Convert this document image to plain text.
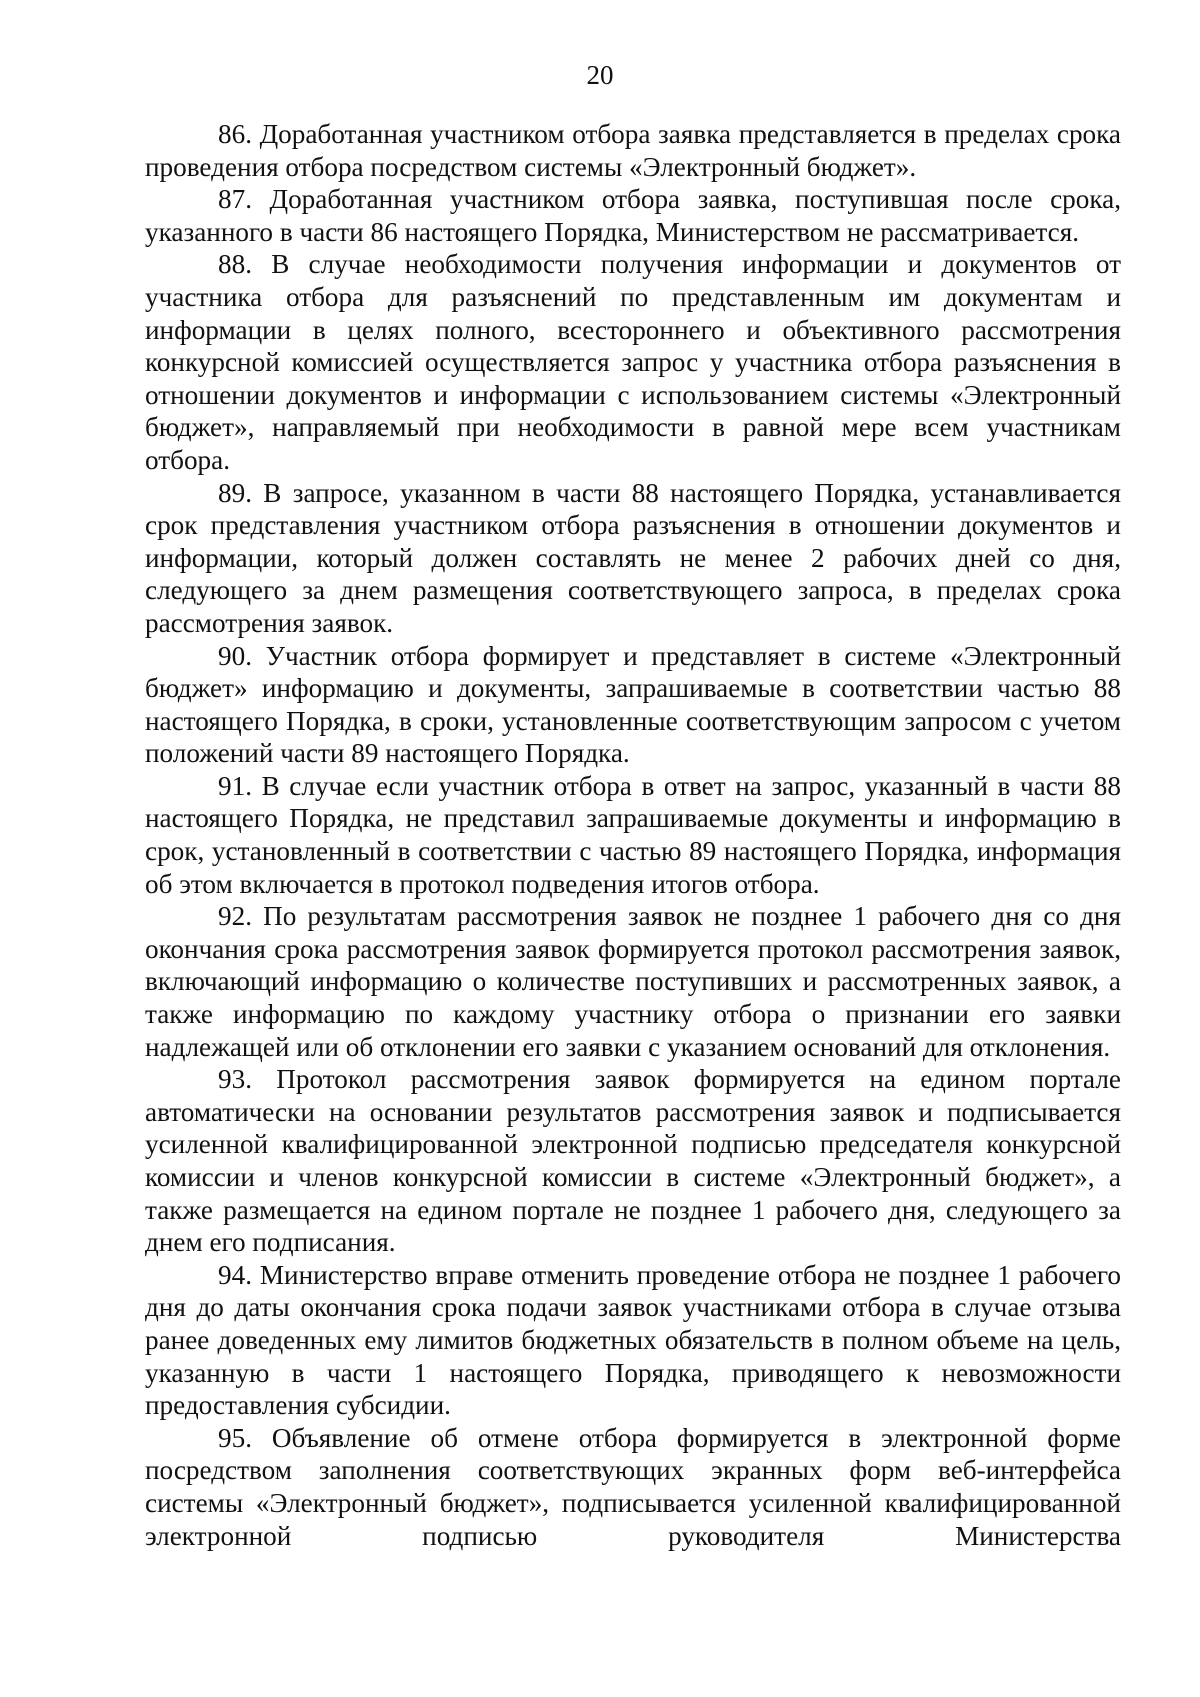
20

86. Доработанная участником отбора заявка представляется в пределах срока проведения отбора посредством системы «Электронный бюджет».

87. Доработанная участником отбора заявка, поступившая после срока, указанного в части 86 настоящего Порядка, Министерством не рассматривается.

88. В случае необходимости получения информации и документов от участника отбора для разъяснений по представленным им документам и информации в целях полного, всестороннего и объективного рассмотрения конкурсной комиссией осуществляется запрос у участника отбора разъяснения в отношении документов и информации с использованием системы «Электронный бюджет», направляемый при необходимости в равной мере всем участникам отбора.

89. В запросе, указанном в части 88 настоящего Порядка, устанавливается срок представления участником отбора разъяснения в отношении документов и информации, который должен составлять не менее 2 рабочих дней со дня, следующего за днем размещения соответствующего запроса, в пределах срока рассмотрения заявок.

90. Участник отбора формирует и представляет в системе «Электронный бюджет» информацию и документы, запрашиваемые в соответствии частью 88 настоящего Порядка, в сроки, установленные соответствующим запросом с учетом положений части 89 настоящего Порядка.

91. В случае если участник отбора в ответ на запрос, указанный в части 88 настоящего Порядка, не представил запрашиваемые документы и информацию в срок, установленный в соответствии с частью 89 настоящего Порядка, информация об этом включается в протокол подведения итогов отбора.

92. По результатам рассмотрения заявок не позднее 1 рабочего дня со дня окончания срока рассмотрения заявок формируется протокол рассмотрения заявок, включающий информацию о количестве поступивших и рассмотренных заявок, а также информацию по каждому участнику отбора о признании его заявки надлежащей или об отклонении его заявки с указанием оснований для отклонения.

93. Протокол рассмотрения заявок формируется на едином портале автоматически на основании результатов рассмотрения заявок и подписывается усиленной квалифицированной электронной подписью председателя конкурсной комиссии и членов конкурсной комиссии в системе «Электронный бюджет», а также размещается на едином портале не позднее 1 рабочего дня, следующего за днем его подписания.

94. Министерство вправе отменить проведение отбора не позднее 1 рабочего дня до даты окончания срока подачи заявок участниками отбора в случае отзыва ранее доведенных ему лимитов бюджетных обязательств в полном объеме на цель, указанную в части 1 настоящего Порядка, приводящего к невозможности предоставления субсидии.

95. Объявление об отмене отбора формируется в электронной форме посредством заполнения соответствующих экранных форм веб-интерфейса системы «Электронный бюджет», подписывается усиленной квалифицированной электронной подписью руководителя Министерства
